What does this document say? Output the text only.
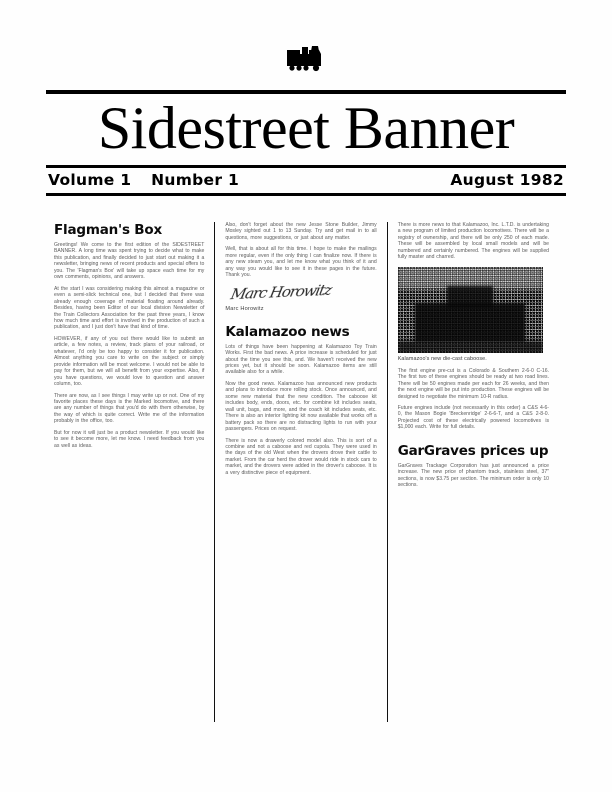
Sidestreet Banner
Volume 1 Number 1	August 1982
Flagman's Box

Greetings! We come to the first edition of the SIDESTREET BANNER. A long time was spent trying to decide what to make this publication, and finally decided to just start out making it a newsletter, bringing news of recent products and special offers to you. The 'Flagman's Box' will take up space each time for my own comments, opinions, and answers.

At the start I was considering making this almost a magazine or even a semi-slick technical one, but I decided that there was already enough coverage of material floating around already. Besides, having been Editor of our local division Newsletter of the Train Collectors Association for the past three years, I know how much time and effort is involved in the production of such a publication, and I just don't have that kind of time.

HOWEVER, if any of you out there would like to submit an article, a few notes, a review, track plans of your railroad, or whatever, I'd only be too happy to consider it for publication. Almost anything you care to write on the subject or simply provide information will be most welcome. I would not be able to pay for them, but we will all benefit from your expertise. Also, if you have questions, we would love to question and answer column, too.

There are now, as I see things I may write up or not. One of my favorite places these days is the Marked locomotive, and there are any number of things that you'd do with them otherwise, by the way of which is quite correct. Write me of the information probably in the office, too.

But for now it will just be a product newsletter. If you would like to see it become more, let me know. I need feedback from you as well as ideas.

Also, don't forget about the new Jesse Stone Builder, Jimmy Mosley sighted out 1 to 13 Sunday. Try and get mail in to all questions, more suggestions, or just about any matter.

Well, that is about all for this time. I hope to make the mailings more regular, even if the only thing I can finalize now. If there is any new steam you, and let me know what you think of it and any way you would like to see it in these pages in the future. Thank you.

Marc Horowitz
Marc Horowitz
Kalamazoo news

Lots of things have been happening at Kalamazoo Toy Train Works. First the bad news. A price increase is scheduled for just about the time you see this, and. We haven't received the new prices yet, but it should be soon. Kalamazoo items are still available also for a while.

Now the good news. Kalamazoo has announced new products and plans to introduce more rolling stock. Once announced, and some new material that the new condition. The caboose kit includes body, ends, doors, etc. for combine kit includes seats, wall unit, bags, and more, and the coach kit includes seats, etc. There is also an interior lighting kit now available that works off a battery pack so there are no distracting lights to run with your passengers. Prices on request.

There is now a drawerly colored model also. This is sort of a combine and not a caboose and red cupola. They were used in the days of the old West when the drovers drove their cattle to market. From the car herd the drover would ride in stock cars to market, and the drovers were added in the drover's caboose. It is a very distinctive piece of equipment.

There is more news to that Kalamazoo, Inc. L.T.D. is undertaking a new program of limited production locomotives. There will be a registry of ownership, and there will be only 250 of each made. These will be assembled by local small models and will be numbered and certainly numbered. The engines will be supplied fully master and charred.

Kalamazoo's new die-cast caboose.

The first engine pre-cut is a Colorado & Southern 2-6-0 C-16. The first two of these engines should be ready at two road lines. There will be 50 engines made per each for 26 weeks, and then the next engine will be put into production. These engines will be designed to negotiate the minimum 10-R radius.

Future engines include (not necessarily in this order) a C&S 4-6-0, the Mason Bogie 'Breckenridge' 2-6-6-T, and a C&S 2-8-0. Projected cost of these electrically powered locomotives is $1,000 each. Write for full details.

GarGraves prices up

GarGraves Trackage Corporation has just announced a price increase. The new price of phantom track, stainless steel, 37" sections, is now $3.75 per section. The minimum order is only 10 sections.
